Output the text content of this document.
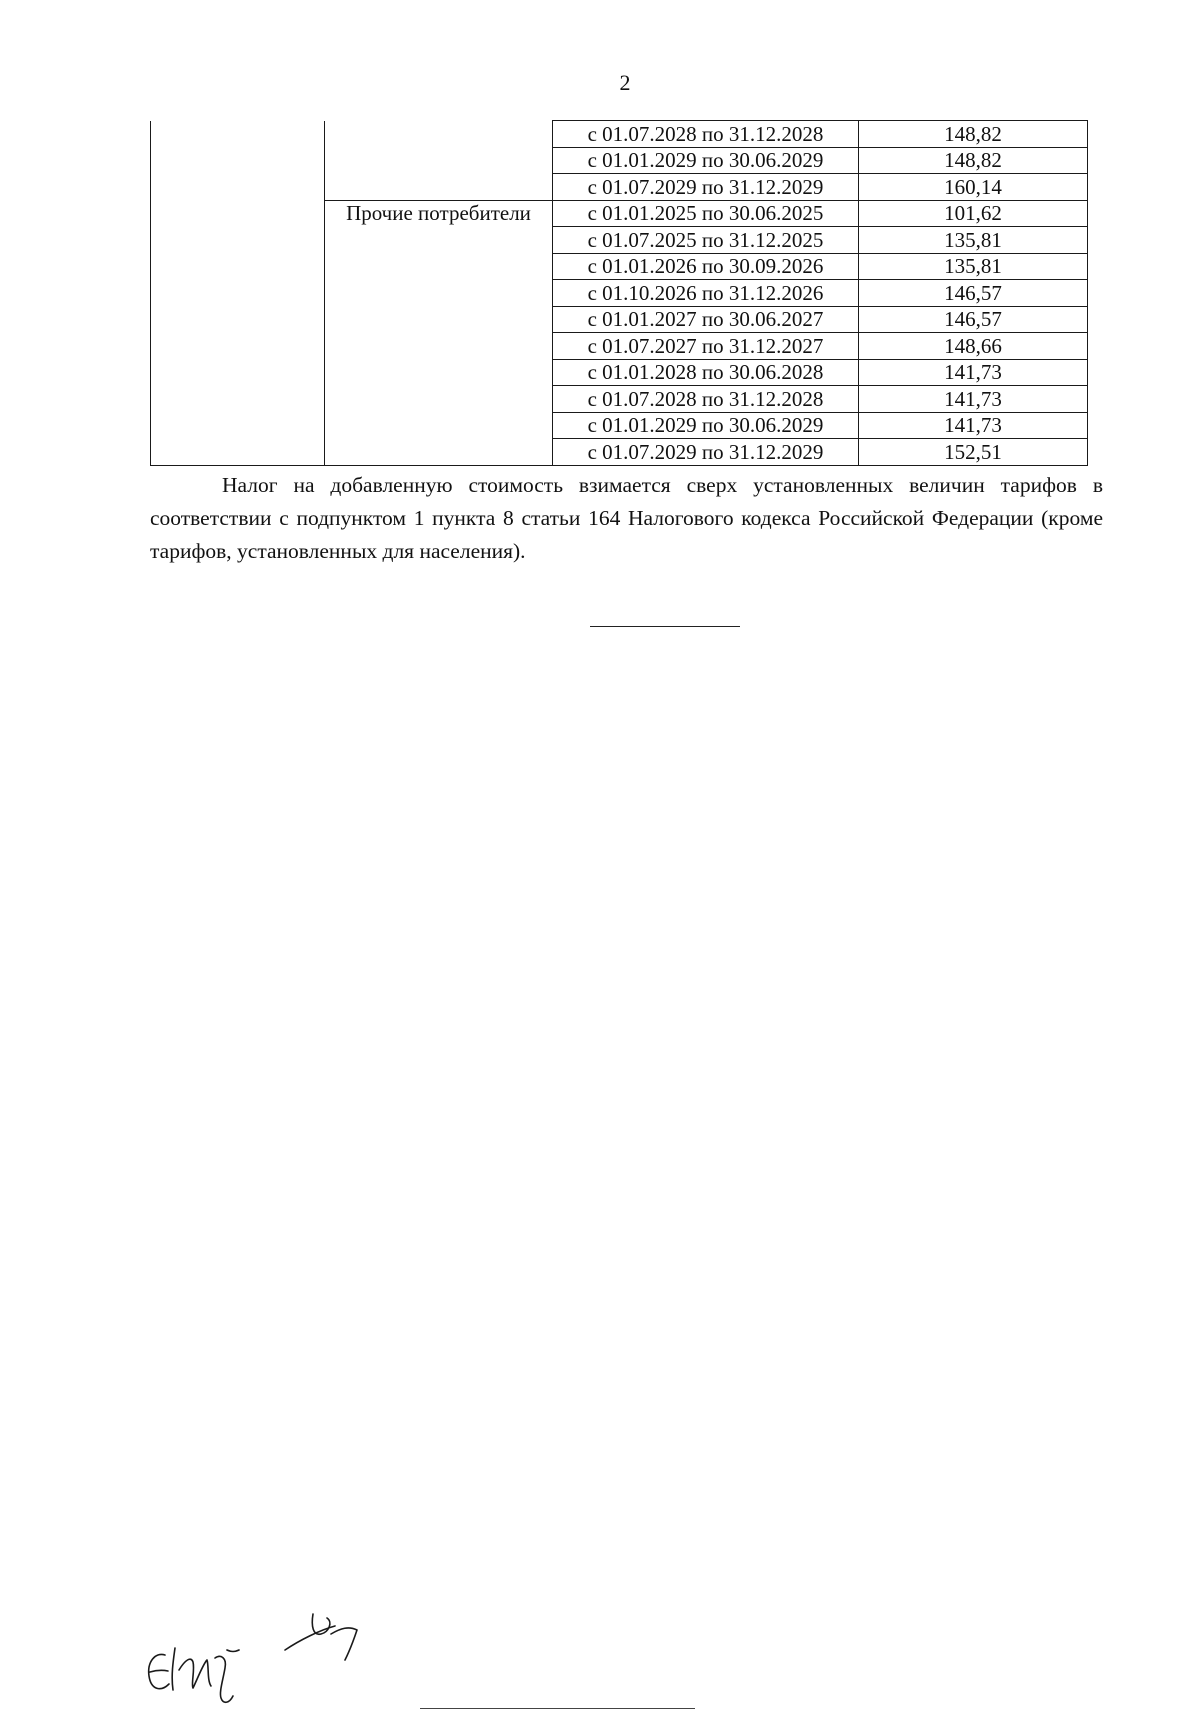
2
		с 01.07.2028 по 31.12.2028	148,82
		с 01.01.2029 по 30.06.2029	148,82
		с 01.07.2029 по 31.12.2029	160,14
	Прочие потребители	с 01.01.2025 по 30.06.2025	101,62
		с 01.07.2025 по 31.12.2025	135,81
		с 01.01.2026 по 30.09.2026	135,81
		с 01.10.2026 по 31.12.2026	146,57
		с 01.01.2027 по 30.06.2027	146,57
		с 01.07.2027 по 31.12.2027	148,66
		с 01.01.2028 по 30.06.2028	141,73
		с 01.07.2028 по 31.12.2028	141,73
		с 01.01.2029 по 30.06.2029	141,73
		с 01.07.2029 по 31.12.2029	152,51

Налог на добавленную стоимость взимается сверх установленных величин тарифов в соответствии с подпунктом 1 пункта 8 статьи 164 Налогового кодекса Российской Федерации (кроме тарифов, установленных для населения).
